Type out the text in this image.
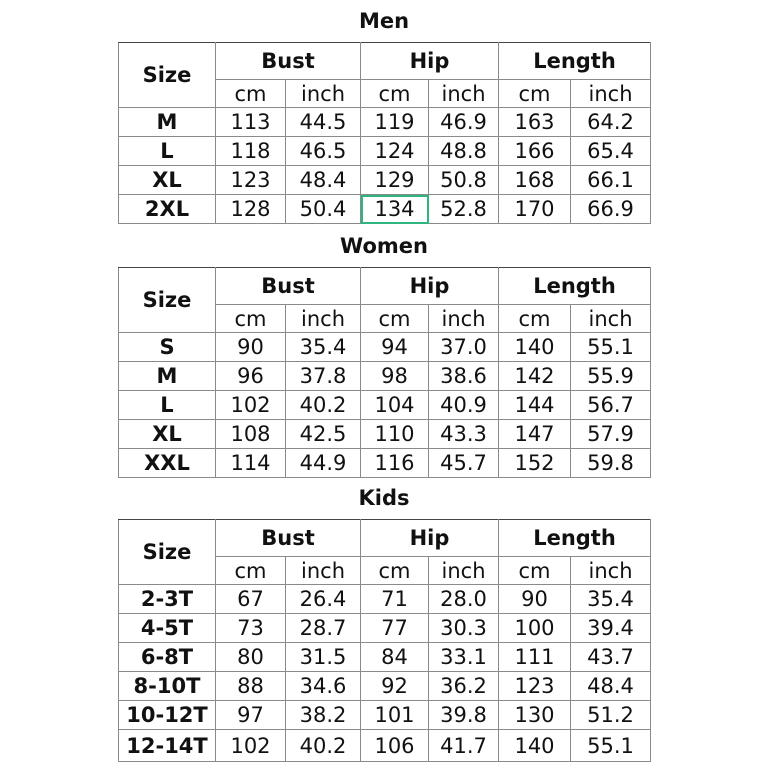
Men
Size	Bust		Hip		Length	
	cm	inch	cm	inch	cm	inch
M	113	44.5	119	46.9	163	64.2
L	118	46.5	124	48.8	166	65.4
XL	123	48.4	129	50.8	168	66.1
2XL	128	50.4	134	52.8	170	66.9
Women
Size	Bust		Hip		Length	
	cm	inch	cm	inch	cm	inch
S	90	35.4	94	37.0	140	55.1
M	96	37.8	98	38.6	142	55.9
L	102	40.2	104	40.9	144	56.7
XL	108	42.5	110	43.3	147	57.9
XXL	114	44.9	116	45.7	152	59.8
Kids
Size	Bust		Hip		Length	
	cm	inch	cm	inch	cm	inch
2-3T	67	26.4	71	28.0	90	35.4
4-5T	73	28.7	77	30.3	100	39.4
6-8T	80	31.5	84	33.1	111	43.7
8-10T	88	34.6	92	36.2	123	48.4
10-12T	97	38.2	101	39.8	130	51.2
12-14T	102	40.2	106	41.7	140	55.1
